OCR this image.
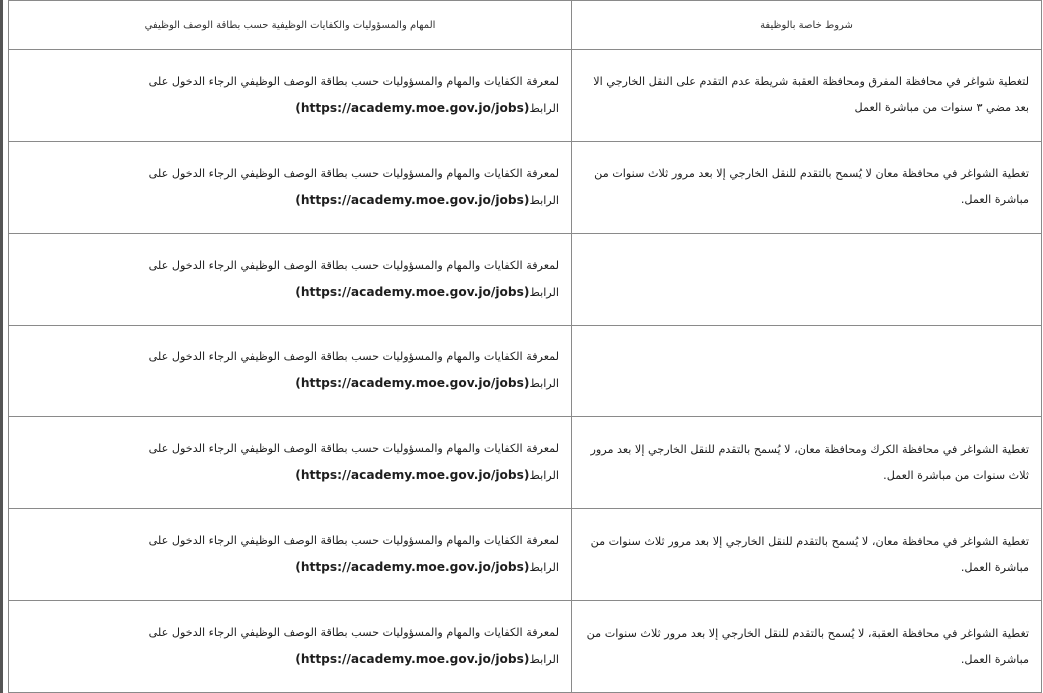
شروط خاصة بالوظيفة	المهام والمسؤوليات والكفايات الوظيفية حسب بطاقة الوصف الوظيفي
لتغطية شواغر في محافظة المفرق ومحافظة العقبة شريطة عدم التقدم على النقل الخارجي الا بعد مضي ٣ سنوات من مباشرة العمل	لمعرفة الكفايات والمهام والمسؤوليات حسب بطاقة الوصف الوظيفي الرجاء الدخول على الرابط(https://academy.moe.gov.jo/jobs)
تغطية الشواغر في محافظة معان لا يُسمح بالتقدم للنقل الخارجي إلا بعد مرور ثلاث سنوات من مباشرة العمل.	لمعرفة الكفايات والمهام والمسؤوليات حسب بطاقة الوصف الوظيفي الرجاء الدخول على الرابط(https://academy.moe.gov.jo/jobs)
	لمعرفة الكفايات والمهام والمسؤوليات حسب بطاقة الوصف الوظيفي الرجاء الدخول على الرابط(https://academy.moe.gov.jo/jobs)
	لمعرفة الكفايات والمهام والمسؤوليات حسب بطاقة الوصف الوظيفي الرجاء الدخول على الرابط(https://academy.moe.gov.jo/jobs)
تغطية الشواغر في محافظة الكرك ومحافظة معان، لا يُسمح بالتقدم للنقل الخارجي إلا بعد مرور ثلاث سنوات من مباشرة العمل.	لمعرفة الكفايات والمهام والمسؤوليات حسب بطاقة الوصف الوظيفي الرجاء الدخول على الرابط(https://academy.moe.gov.jo/jobs)
تغطية الشواغر في محافظة معان، لا يُسمح بالتقدم للنقل الخارجي إلا بعد مرور ثلاث سنوات من مباشرة العمل.	لمعرفة الكفايات والمهام والمسؤوليات حسب بطاقة الوصف الوظيفي الرجاء الدخول على الرابط(https://academy.moe.gov.jo/jobs)
تغطية الشواغر في محافظة العقبة، لا يُسمح بالتقدم للنقل الخارجي إلا بعد مرور ثلاث سنوات من مباشرة العمل.	لمعرفة الكفايات والمهام والمسؤوليات حسب بطاقة الوصف الوظيفي الرجاء الدخول على الرابط(https://academy.moe.gov.jo/jobs)
